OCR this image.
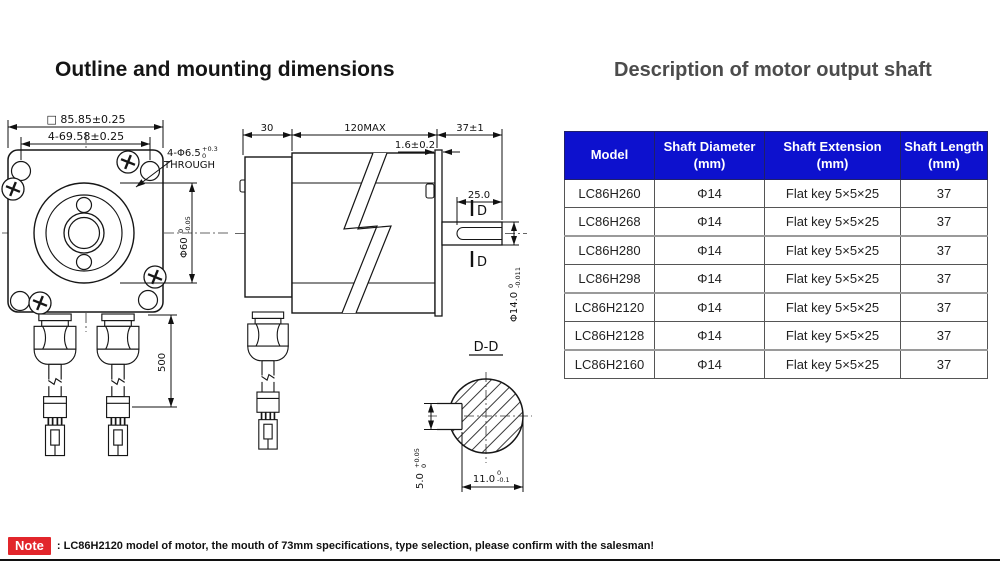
Outline and mounting dimensions	Description of motor output shaft
□ 85.85±0.25
4-69.58±0.25
4-Φ6.5 +0.3
0
THROUGH
Φ60
0 -0.05
500
30	120MAX	37±1
1.6±0.2
25.0
D
D
Φ14.0
0 -0.011
D-D
5.0
+0.05 0
11.0
0
-0.1
Model

Shaft Diameter
(mm)

Shaft Extension
(mm)

Shaft Length
(mm)

LC86H260	Φ14	Flat key 5×5×25	37
LC86H268	Φ14	Flat key 5×5×25	37
LC86H280	Φ14	Flat key 5×5×25	37
LC86H298	Φ14	Flat key 5×5×25	37
LC86H2120	Φ14	Flat key 5×5×25	37
LC86H2128	Φ14	Flat key 5×5×25	37
LC86H2160	Φ14	Flat key 5×5×25	37
Note	: LC86H2120 model of motor, the mouth of 73mm specifications, type selection, please confirm with the salesman!
